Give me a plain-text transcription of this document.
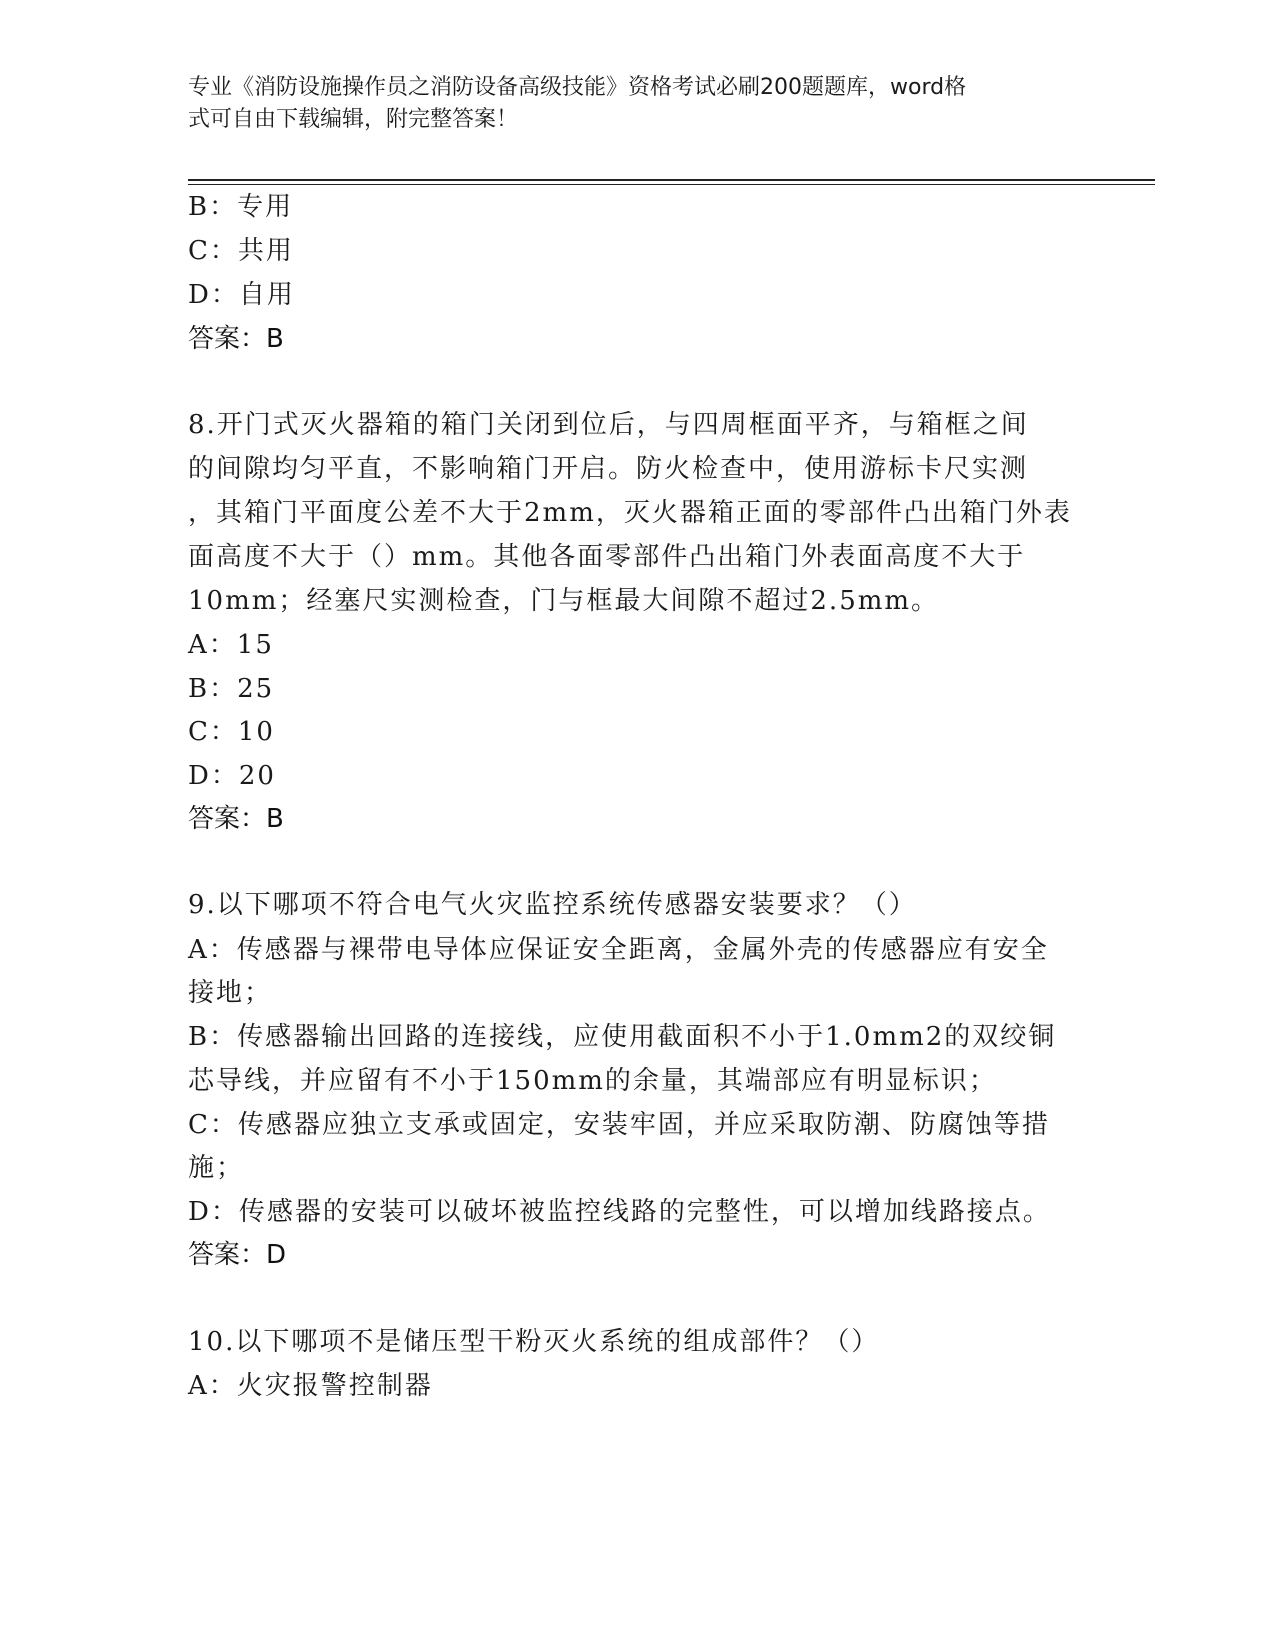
专业《消防设施操作员之消防设备高级技能》资格考试必刷200题题库，word格
式可自由下载编辑，附完整答案！
B：专用
C：共用
D：自用
答案：B
8.开门式灭火器箱的箱门关闭到位后，与四周框面平齐，与箱框之间
的间隙均匀平直，不影响箱门开启。防火检查中，使用游标卡尺实测
，其箱门平面度公差不大于2mm，灭火器箱正面的零部件凸出箱门外表
面高度不大于（）mm。其他各面零部件凸出箱门外表面高度不大于
10mm；经塞尺实测检查，门与框最大间隙不超过2.5mm。
A：15
B：25
C：10
D：20
答案：B
9.以下哪项不符合电气火灾监控系统传感器安装要求？（）
A：传感器与裸带电导体应保证安全距离，金属外壳的传感器应有安全
接地；
B：传感器输出回路的连接线，应使用截面积不小于1.0mm2的双绞铜
芯导线，并应留有不小于150mm的余量，其端部应有明显标识；
C：传感器应独立支承或固定，安装牢固，并应采取防潮、防腐蚀等措
施；
D：传感器的安装可以破坏被监控线路的完整性，可以增加线路接点。
答案：D
10.以下哪项不是储压型干粉灭火系统的组成部件？（）
A：火灾报警控制器
